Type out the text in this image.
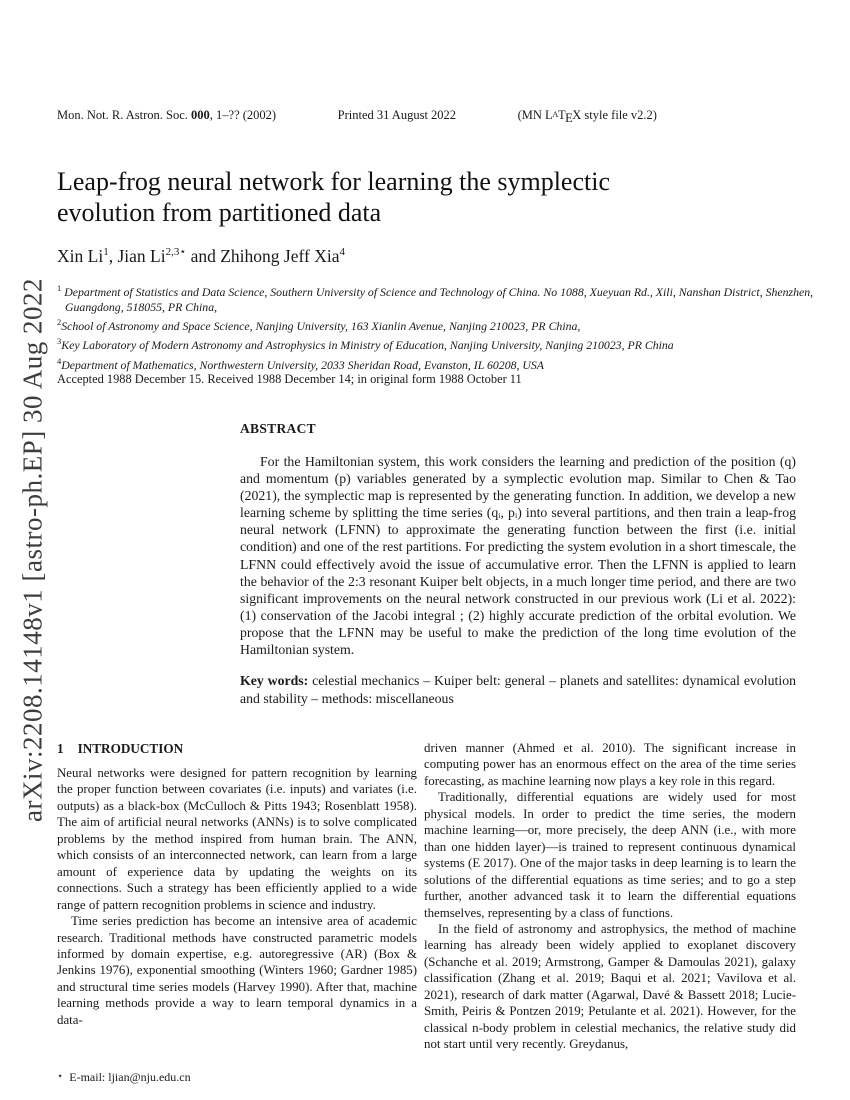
arXiv:2208.14148v1 [astro-ph.EP] 30 Aug 2022
Mon. Not. R. Astron. Soc. 000, 1–?? (2002)	Printed 31 August 2022	(MN LATEX style file v2.2)
Leap-frog neural network for learning the symplectic
evolution from partitioned data
Xin Li$^1$, Jian $Li^{2,3⋆}$ and Zhihong Jeff Xia$^4$
$^1$ Department of Statistics and Data Science, Southern University of Science and Technology of China. No 1088, Xueyuan Rd., Xili, Nanshan District, Shenzhen, Guangdong, 518055, PR China,
$^2$School of Astronomy and Space Science, Nanjing University, 163 Xianlin Avenue, Nanjing 210023, PR China,
$^3$Key Laboratory of Modern Astronomy and Astrophysics in Ministry of Education, Nanjing University, Nanjing 210023, PR China
$^4$Department of Mathematics, Northwestern University, 2033 Sheridan Road, Evanston, IL 60208, USA
Accepted 1988 December 15. Received 1988 December 14; in original form 1988 October 11
ABSTRACT
For the Hamiltonian system, this work considers the learning and prediction of the position (q) and momentum (p) variables generated by a symplectic evolution map. Similar to Chen & Tao (2021), the symplectic map is represented by the generating function. In addition, we develop a new learning scheme by splitting the time series (qᵢ, pᵢ) into several partitions, and then train a leap-frog neural network (LFNN) to approximate the generating function between the first (i.e. initial condition) and one of the rest partitions. For predicting the system evolution in a short timescale, the LFNN could effectively avoid the issue of accumulative error. Then the LFNN is applied to learn the behavior of the 2:3 resonant Kuiper belt objects, in a much longer time period, and there are two significant improvements on the neural network constructed in our previous work (Li et al. 2022): (1) conservation of the Jacobi integral ; (2) highly accurate prediction of the orbital evolution. We propose that the LFNN may be useful to make the prediction of the long time evolution of the Hamiltonian system.
Key words: celestial mechanics – Kuiper belt: general – planets and satellites: dynamical evolution and stability – methods: miscellaneous
1 INTRODUCTION

Neural networks were designed for pattern recognition by learning the proper function between covariates (i.e. inputs) and variates (i.e. outputs) as a black-box (McCulloch & Pitts 1943; Rosenblatt 1958). The aim of artificial neural networks (ANNs) is to solve complicated problems by the method inspired from human brain. The ANN, which consists of an interconnected network, can learn from a large amount of experience data by updating the weights on its connections. Such a strategy has been efficiently applied to a wide range of pattern recognition problems in science and industry.

Time series prediction has become an intensive area of academic research. Traditional methods have constructed parametric models informed by domain expertise, e.g. autoregressive (AR) (Box & Jenkins 1976), exponential smoothing (Winters 1960; Gardner 1985) and structural time series models (Harvey 1990). After that, machine learning methods provide a way to learn temporal dynamics in a data-

driven manner (Ahmed et al. 2010). The significant increase in computing power has an enormous effect on the area of the time series forecasting, as machine learning now plays a key role in this regard.

Traditionally, differential equations are widely used for most physical models. In order to predict the time series, the modern machine learning—or, more precisely, the deep ANN (i.e., with more than one hidden layer)—is trained to represent continuous dynamical systems (E 2017). One of the major tasks in deep learning is to learn the solutions of the differential equations as time series; and to go a step further, another advanced task it to learn the differential equations themselves, representing by a class of functions.

In the field of astronomy and astrophysics, the method of machine learning has already been widely applied to exoplanet discovery (Schanche et al. 2019; Armstrong, Gamper & Damoulas 2021), galaxy classification (Zhang et al. 2019; Baqui et al. 2021; Vavilova et al. 2021), research of dark matter (Agarwal, Davé & Bassett 2018; Lucie-Smith, Peiris & Pontzen 2019; Petulante et al. 2021). However, for the classical n-body problem in celestial mechanics, the relative study did not start until very recently. Greydanus,

⋆ E-mail: ljian@nju.edu.cn
